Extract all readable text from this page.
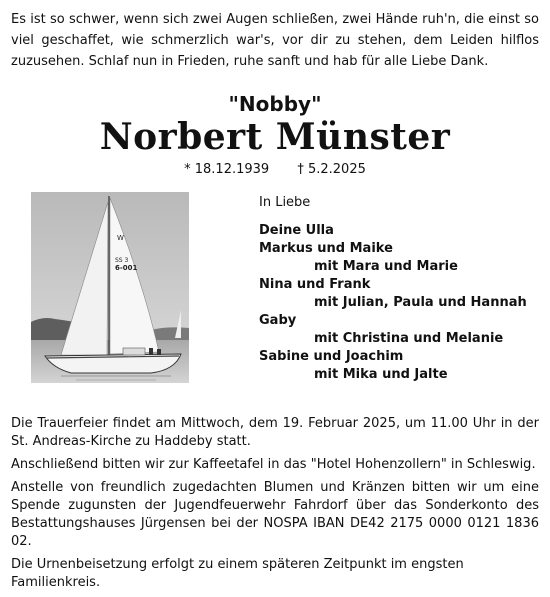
Es ist so schwer, wenn sich zwei Augen schließen, zwei Hände ruh'n, die einst so viel geschaffet, wie schmerzlich war's, vor dir zu stehen, dem Leiden hilflos zuzusehen. Schlaf nun in Frieden, ruhe sanft und hab für alle Liebe Dank.
"Nobby"
Norbert Münster
* 18.12.1939 † 5.2.2025
W
SS 3
6-001
In Liebe
Deine Ulla
Markus und Maike
mit Mara und Marie
Nina und Frank
mit Julian, Paula und Hannah
Gaby
mit Christina und Melanie
Sabine und Joachim
mit Mika und Jalte

Die Trauerfeier findet am Mittwoch, dem 19. Februar 2025, um 11.00 Uhr in der St. Andreas-Kirche zu Haddeby statt.

Anschließend bitten wir zur Kaffeetafel in das "Hotel Hohenzollern" in Schleswig.

Anstelle von freundlich zugedachten Blumen und Kränzen bitten wir um eine Spende zugunsten der Jugendfeuerwehr Fahrdorf über das Sonderkonto des Bestattungshauses Jürgensen bei der NOSPA IBAN DE42 2175 0000 0121 1836 02.

Die Urnenbeisetzung erfolgt zu einem späteren Zeitpunkt im engsten Familienkreis.
